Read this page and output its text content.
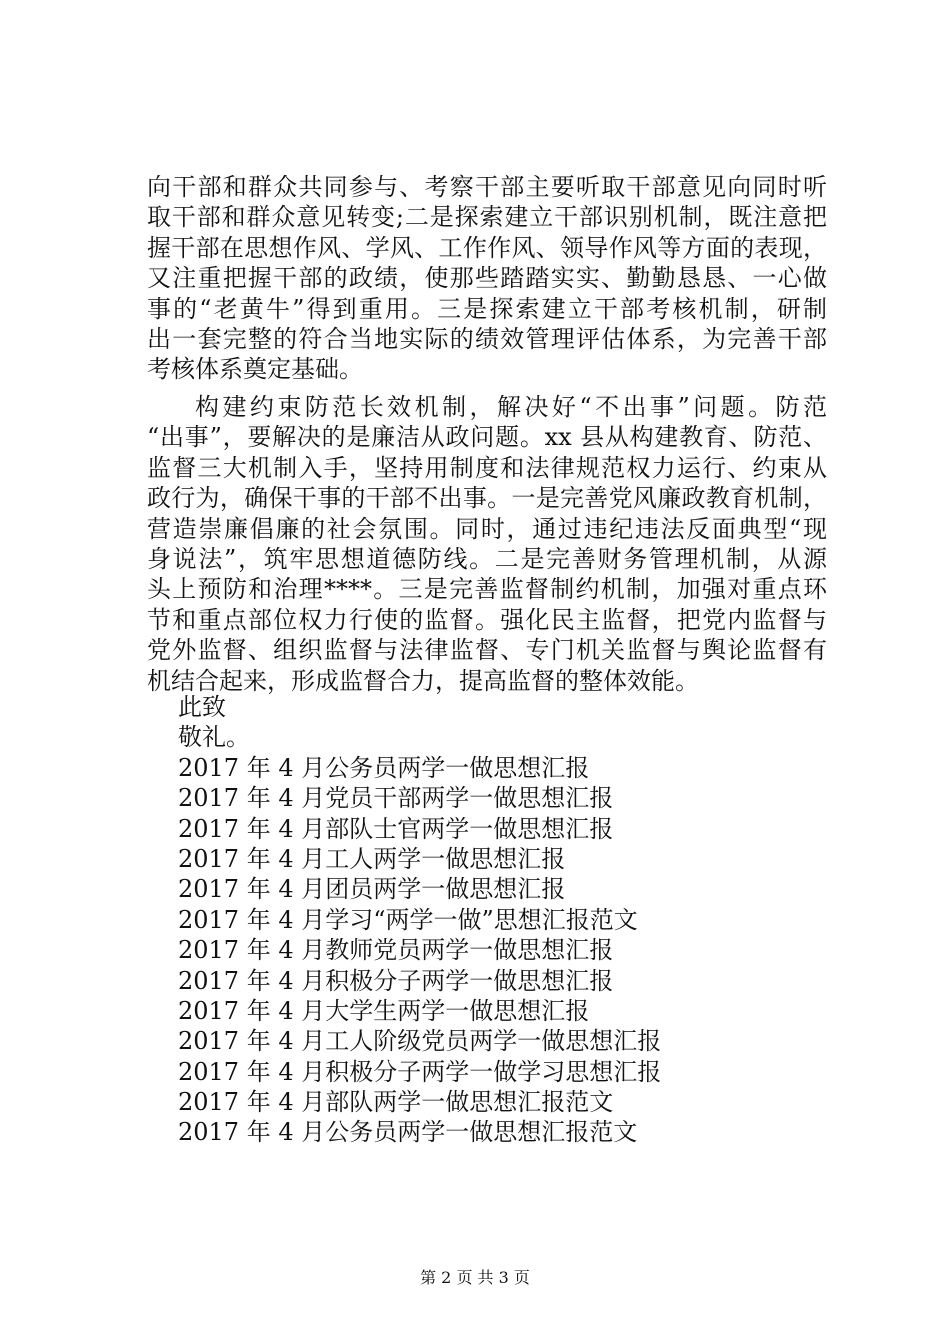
向干部和群众共同参与、考察干部主要听取干部意见向同时听
取干部和群众意见转变;二是探索建立干部识别机制，既注意把
握干部在思想作风、学风、工作作风、领导作风等方面的表现，
又注重把握干部的政绩，使那些踏踏实实、勤勤恳恳、一心做
事的“老黄牛”得到重用。三是探索建立干部考核机制，研制
出一套完整的符合当地实际的绩效管理评估体系，为完善干部
考核体系奠定基础。
构建约束防范长效机制，解决好“不出事”问题。防范
“出事”，要解决的是廉洁从政问题。xx 县从构建教育、防范、
监督三大机制入手，坚持用制度和法律规范权力运行、约束从
政行为，确保干事的干部不出事。一是完善党风廉政教育机制，
营造崇廉倡廉的社会氛围。同时，通过违纪违法反面典型“现
身说法”，筑牢思想道德防线。二是完善财务管理机制，从源
头上预防和治理****。三是完善监督制约机制，加强对重点环
节和重点部位权力行使的监督。强化民主监督，把党内监督与
党外监督、组织监督与法律监督、专门机关监督与舆论监督有
机结合起来，形成监督合力，提高监督的整体效能。
此致
敬礼。
2017 年 4 月公务员两学一做思想汇报
2017 年 4 月党员干部两学一做思想汇报
2017 年 4 月部队士官两学一做思想汇报
2017 年 4 月工人两学一做思想汇报
2017 年 4 月团员两学一做思想汇报
2017 年 4 月学习“两学一做”思想汇报范文
2017 年 4 月教师党员两学一做思想汇报
2017 年 4 月积极分子两学一做思想汇报
2017 年 4 月大学生两学一做思想汇报
2017 年 4 月工人阶级党员两学一做思想汇报
2017 年 4 月积极分子两学一做学习思想汇报
2017 年 4 月部队两学一做思想汇报范文
2017 年 4 月公务员两学一做思想汇报范文
第 2 页 共 3 页
